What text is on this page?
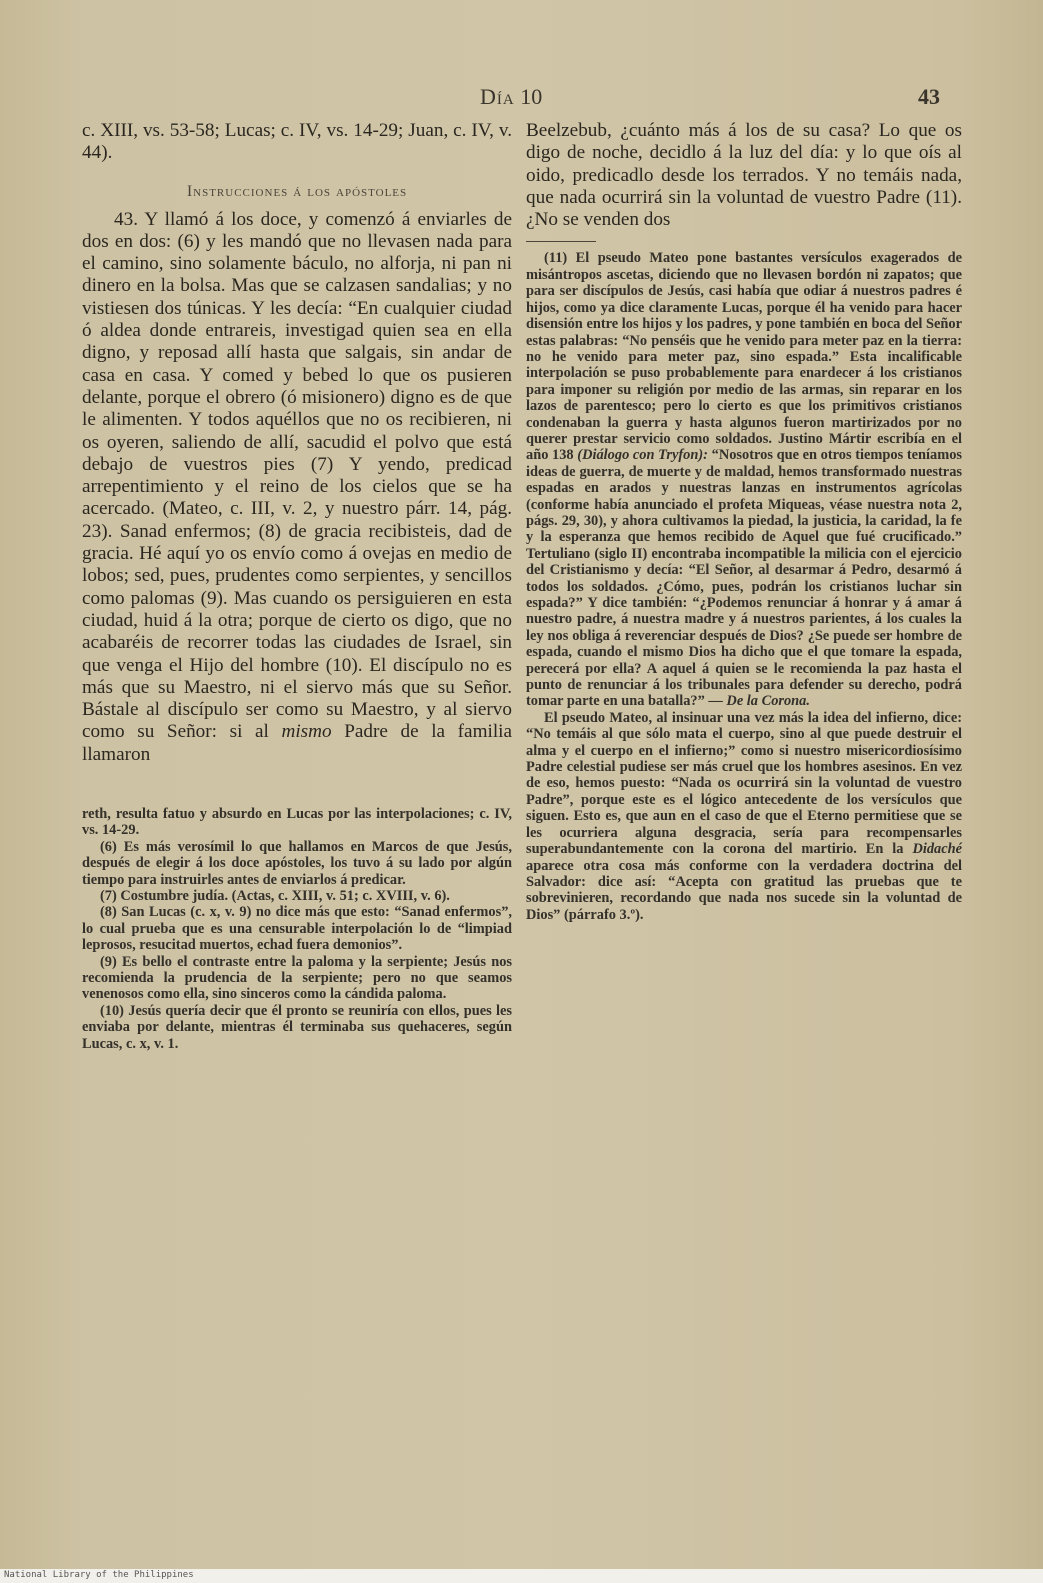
Día 10	43

c. XIII, vs. 53-58; Lucas; c. IV, vs. 14-29; Juan, c. IV, v. 44).

Instrucciones á los apóstoles

43. Y llamó á los doce, y comenzó á enviarles de dos en dos: (6) y les mandó que no llevasen nada para el camino, sino solamente báculo, no alforja, ni pan ni dinero en la bolsa. Mas que se calzasen sandalias; y no vistiesen dos túnicas. Y les decía: “En cualquier ciudad ó aldea donde entrareis, investigad quien sea en ella digno, y reposad allí hasta que salgais, sin andar de casa en casa. Y comed y bebed lo que os pusieren delante, porque el obrero (ó misionero) digno es de que le alimenten. Y todos aquéllos que no os recibieren, ni os oyeren, saliendo de allí, sacudid el polvo que está debajo de vuestros pies (7) Y yendo, predicad arrepentimiento y el reino de los cielos que se ha acercado. (Mateo, c. III, v. 2, y nuestro párr. 14, pág. 23). Sanad enfermos; (8) de gracia recibisteis, dad de gracia. Hé aquí yo os envío como á ovejas en medio de lobos; sed, pues, prudentes como serpientes, y sencillos como palomas (9). Mas cuando os persiguieren en esta ciudad, huid á la otra; porque de cierto os digo, que no acabaréis de recorrer todas las ciudades de Israel, sin que venga el Hijo del hombre (10). El discípulo no es más que su Maestro, ni el siervo más que su Señor. Bástale al discípulo ser como su Maestro, y al siervo como su Señor: si al mismo Padre de la familia llamaron

reth, resulta fatuo y absurdo en Lucas por las interpolaciones; c. IV, vs. 14-29.

(6) Es más verosímil lo que hallamos en Marcos de que Jesús, después de elegir á los doce apóstoles, los tuvo á su lado por algún tiempo para instruirles antes de enviarlos á predicar.

(7) Costumbre judía. (Actas, c. XIII, v. 51; c. XVIII, v. 6).

(8) San Lucas (c. x, v. 9) no dice más que esto: “Sanad enfermos”, lo cual prueba que es una censurable interpolación lo de “limpiad leprosos, resucitad muertos, echad fuera demonios”.

(9) Es bello el contraste entre la paloma y la serpiente; Jesús nos recomienda la prudencia de la serpiente; pero no que seamos venenosos como ella, sino sinceros como la cándida paloma.

(10) Jesús quería decir que él pronto se reuniría con ellos, pues les enviaba por delante, mientras él terminaba sus quehaceres, según Lucas, c. x, v. 1.

Beelzebub, ¿cuánto más á los de su casa? Lo que os digo de noche, decidlo á la luz del día: y lo que oís al oido, predicadlo desde los terrados. Y no temáis nada, que nada ocurrirá sin la voluntad de vuestro Padre (11). ¿No se venden dos

(11) El pseudo Mateo pone bastantes versículos exagerados de misántropos ascetas, diciendo que no llevasen bordón ni zapatos; que para ser discípulos de Jesús, casi había que odiar á nuestros padres é hijos, como ya dice claramente Lucas, porque él ha venido para hacer disensión entre los hijos y los padres, y pone también en boca del Señor estas palabras: “No penséis que he venido para meter paz en la tierra: no he venido para meter paz, sino espada.” Esta incalificable interpolación se puso probablemente para enardecer á los cristianos para imponer su religión por medio de las armas, sin reparar en los lazos de parentesco; pero lo cierto es que los primitivos cristianos condenaban la guerra y hasta algunos fueron martirizados por no querer prestar servicio como soldados. Justino Mártir escribía en el año 138 (Diálogo con Tryfon): “Nosotros que en otros tiempos teníamos ideas de guerra, de muerte y de maldad, hemos transformado nuestras espadas en arados y nuestras lanzas en instrumentos agrícolas (conforme había anunciado el profeta Miqueas, véase nuestra nota 2, págs. 29, 30), y ahora cultivamos la piedad, la justicia, la caridad, la fe y la esperanza que hemos recibido de Aquel que fué crucificado.” Tertuliano (siglo II) encontraba incompatible la milicia con el ejercicio del Cristianismo y decía: “El Señor, al desarmar á Pedro, desarmó á todos los soldados. ¿Cómo, pues, podrán los cristianos luchar sin espada?” Y dice también: “¿Podemos renunciar á honrar y á amar á nuestro padre, á nuestra madre y á nuestros parientes, á los cuales la ley nos obliga á reverenciar después de Dios? ¿Se puede ser hombre de espada, cuando el mismo Dios ha dicho que el que tomare la espada, perecerá por ella? A aquel á quien se le recomienda la paz hasta el punto de renunciar á los tribunales para defender su derecho, podrá tomar parte en una batalla?” — De la Corona.

El pseudo Mateo, al insinuar una vez más la idea del infierno, dice: “No temáis al que sólo mata el cuerpo, sino al que puede destruir el alma y el cuerpo en el infierno;” como si nuestro misericordiosísimo Padre celestial pudiese ser más cruel que los hombres asesinos. En vez de eso, hemos puesto: “Nada os ocurrirá sin la voluntad de vuestro Padre”, porque este es el lógico antecedente de los versículos que siguen. Esto es, que aun en el caso de que el Eterno permitiese que se les ocurriera alguna desgracia, sería para recompensarles superabundantemente con la corona del martirio. En la Didaché aparece otra cosa más conforme con la verdadera doctrina del Salvador: dice así: “Acepta con gratitud las pruebas que te sobrevinieren, recordando que nada nos sucede sin la voluntad de Dios” (párrafo 3.º).

National Library of the Philippines
